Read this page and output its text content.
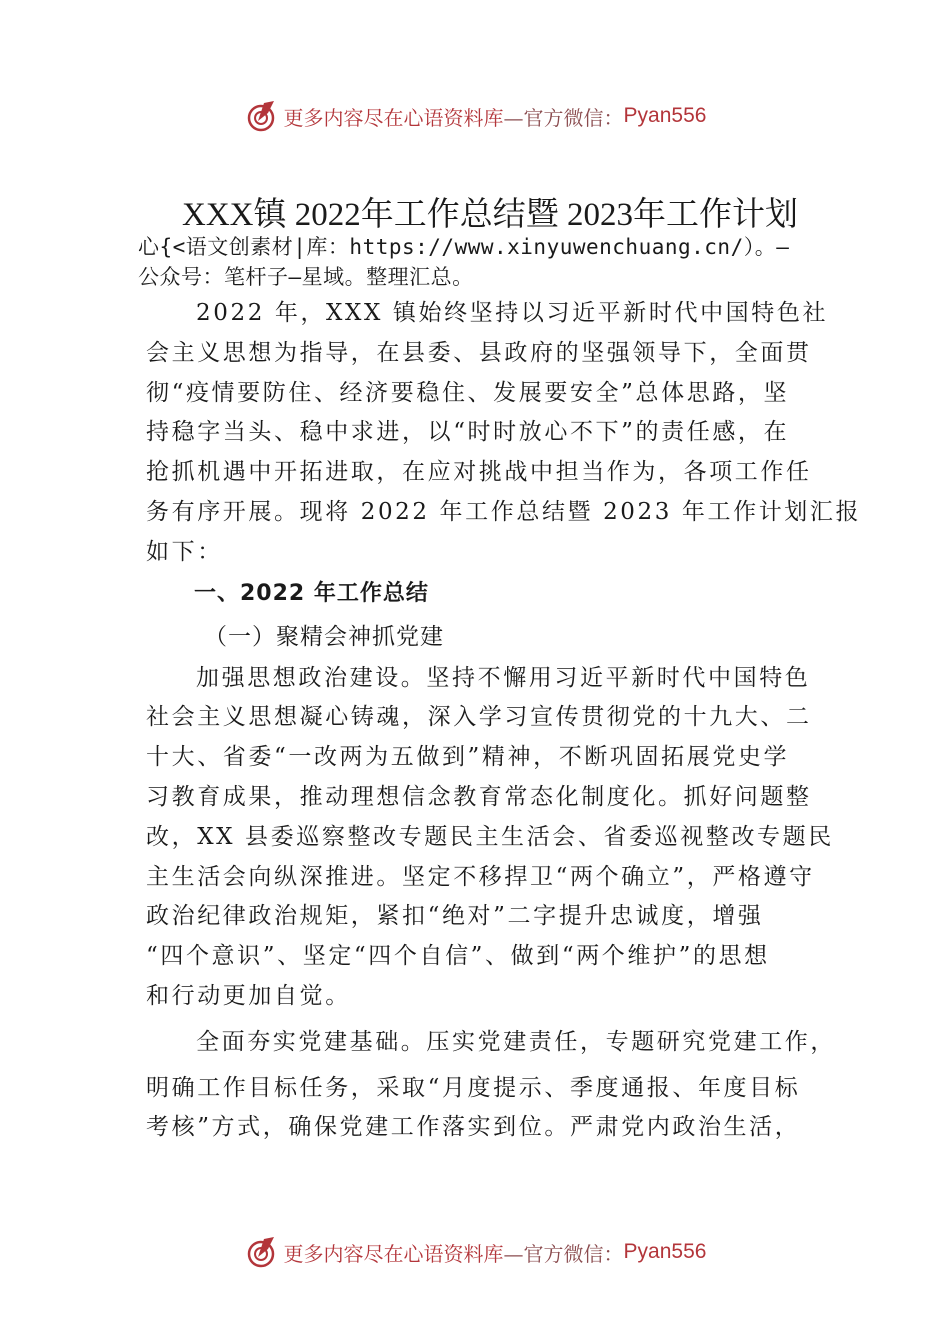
更多内容尽在心语资料库 —官方微信： Pyan556
XXX镇 2022年工作总结暨 2023年工作计划
心{<语文创素材|库：https://www.xinyuwenchuang.cn/）。—
公众号：笔杆子—星域。整理汇总。
2022 年，XXX 镇始终坚持以习近平新时代中国特色社
会主义思想为指导，在县委、县政府的坚强领导下，全面贯
彻“疫情要防住、经济要稳住、发展要安全”总体思路，坚
持稳字当头、稳中求进，以“时时放心不下”的责任感，在
抢抓机遇中开拓进取，在应对挑战中担当作为，各项工作任
务有序开展。现将 2022 年工作总结暨 2023 年工作计划汇报
如下：
一、2022 年工作总结
（一）聚精会神抓党建
加强思想政治建设。坚持不懈用习近平新时代中国特色
社会主义思想凝心铸魂，深入学习宣传贯彻党的十九大、二
十大、省委“一改两为五做到”精神，不断巩固拓展党史学
习教育成果，推动理想信念教育常态化制度化。抓好问题整
改，XX 县委巡察整改专题民主生活会、省委巡视整改专题民
主生活会向纵深推进。坚定不移捍卫“两个确立”，严格遵守
政治纪律政治规矩，紧扣“绝对”二字提升忠诚度，增强
“四个意识”、坚定“四个自信”、做到“两个维护”的思想
和行动更加自觉。
全面夯实党建基础。压实党建责任，专题研究党建工作，
明确工作目标任务，采取“月度提示、季度通报、年度目标
考核”方式，确保党建工作落实到位。严肃党内政治生活，
更多内容尽在心语资料库 —官方微信： Pyan556
